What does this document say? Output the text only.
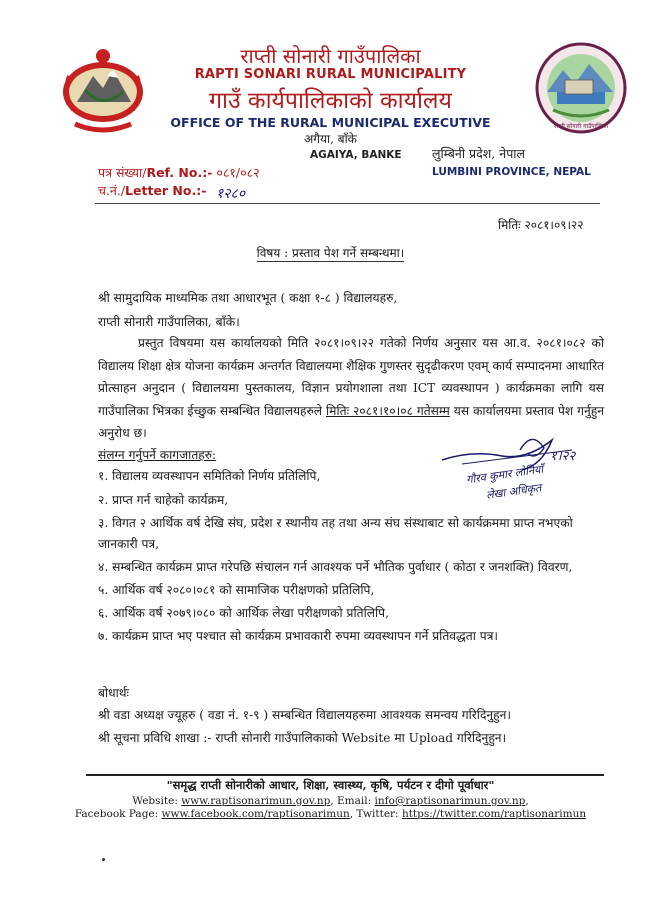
राप्ती सोनारी गाउँपालिका
राप्ती सोनारी गाउँपालिका
RAPTI SONARI RURAL MUNICIPALITY
गाउँ कार्यपालिकाको कार्यालय
OFFICE OF THE RURAL MUNICIPAL EXECUTIVE
अगैया, बाँके
AGAIYA, BANKE लुम्बिनी प्रदेश, नेपाल
LUMBINI PROVINCE, NEPAL
पत्र संख्या/Ref. No.:- ०८१/०८२
च.नं./Letter No.:- १२८०
मितिः २०८१।०९।२२
विषय : प्रस्ताव पेश गर्ने सम्बन्धमा।
श्री सामुदायिक माध्यमिक तथा आधारभूत ( कक्षा १-८ ) विद्यालयहरु,
राप्ती सोनारी गाउँपालिका, बाँके।
प्रस्तुत विषयमा यस कार्यालयको मिति २०८१।०९।२२ गतेको निर्णय अनुसार यस आ.व. २०८१।०८२ को विद्यालय शिक्षा क्षेत्र योजना कार्यक्रम अन्तर्गत विद्यालयमा शैक्षिक गुणस्तर सुदृढीकरण एवम् कार्य सम्पादनमा आधारित प्रोत्साहन अनुदान ( विद्यालयमा पुस्तकालय, विज्ञान प्रयोगशाला तथा ICT व्यवस्थापन ) कार्यक्रमका लागि यस गाउँपालिका भित्रका ईच्छुक सम्बन्धित विद्यालयहरुले मितिः २०८१।१०।०८ गतेसम्म यस कार्यालयमा प्रस्ताव पेश गर्नुहुन अनुरोध छ।
संलग्न गर्नुपर्ने कागजातहरु:
१. विद्यालय व्यवस्थापन समितिको निर्णय प्रतिलिपि,
२. प्राप्त गर्न चाहेको कार्यक्रम,
३. विगत २ आर्थिक वर्ष देखि संघ, प्रदेश र स्थानीय तह तथा अन्य संघ संस्थाबाट सो कार्यक्रममा प्राप्त नभएको जानकारी पत्र,
४. सम्बन्धित कार्यक्रम प्राप्त गरेपछि संचालन गर्न आवश्यक पर्ने भौतिक पुर्वाधार ( कोठा र जनशक्ति) विवरण,
५. आर्थिक वर्ष २०८०।०८१ को सामाजिक परीक्षणको प्रतिलिपि,
६. आर्थिक वर्ष २०७९।०८० को आर्थिक लेखा परीक्षणको प्रतिलिपि,
७. कार्यक्रम प्राप्त भए पश्चात सो कार्यक्रम प्रभावकारी रुपमा व्यवस्थापन गर्ने प्रतिवद्धता पत्र।
१।२२
गौरव कुमार लोनियाँ
लेखा अधिकृत
बोधार्थः
श्री वडा अध्यक्ष ज्यूहरु ( वडा नं. १-९ ) सम्बन्धित विद्यालयहरुमा आवश्यक समन्वय गरिदिनुहुन।
श्री सूचना प्रविधि शाखा :- राप्ती सोनारी गाउँपालिकाको Website मा Upload गरिदिनुहुन।
"समृद्ध राप्ती सोनारीको आधार, शिक्षा, स्वास्थ्य, कृषि, पर्यटन र दीगो पूर्वाधार"
Website: www.raptisonarimun.gov.np, Email: info@raptisonarimun.gov.np,
Facebook Page: www.facebook.com/raptisonarimun, Twitter: https://twitter.com/raptisonarimun
